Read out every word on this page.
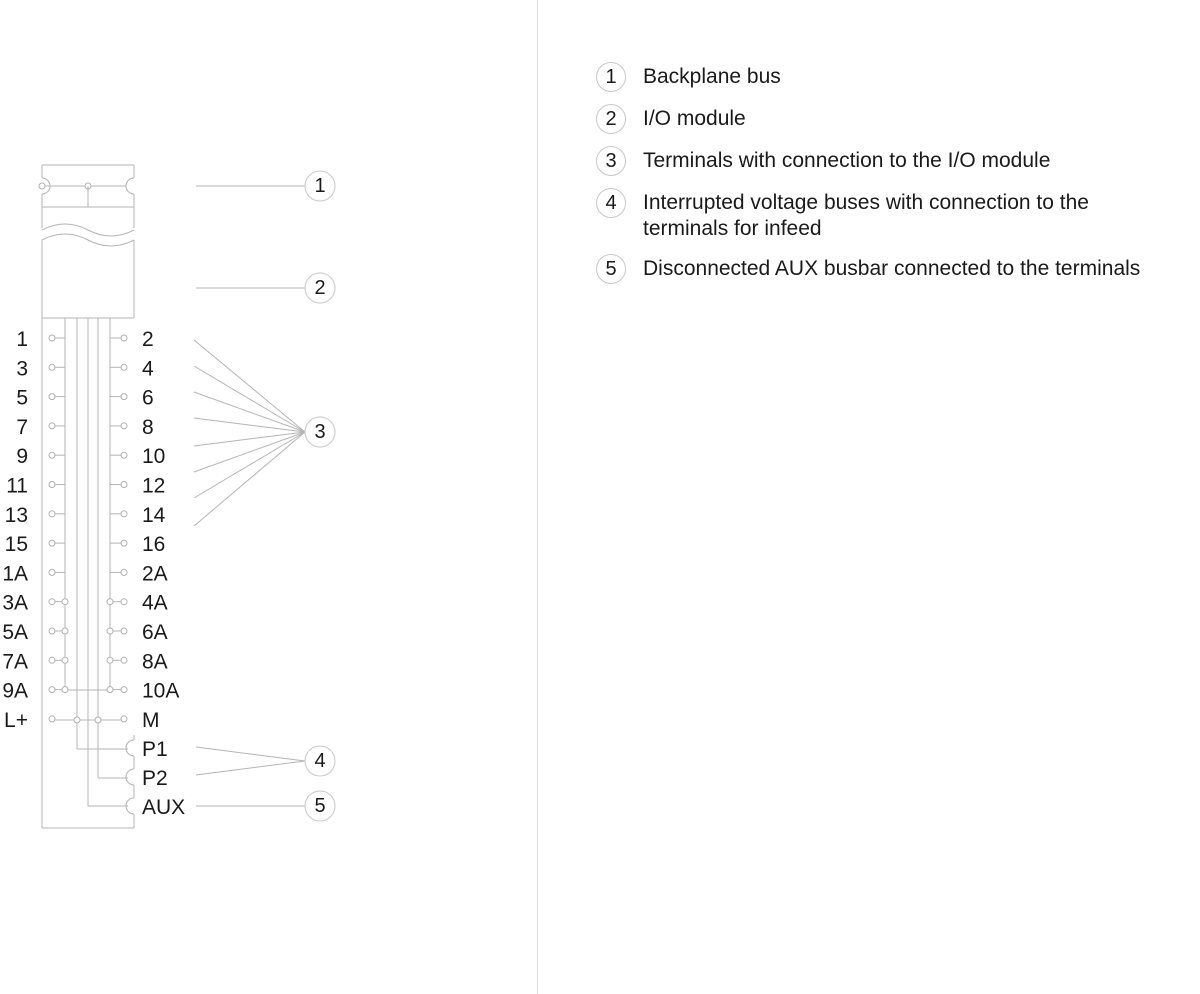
1	2
3	4
5	6
7	8
9	10
11	12
13	14
15	16
1A	2A
3A	4A
5A	6A
7A	8A
9A	10A
L+	M
1
2
3
4
5
P1
P2
AUX
1	Backplane bus
2	I/O module
3	Terminals with connection to the I/O module
4	Interrupted voltage buses with connection to the
terminals for infeed
5	Disconnected AUX busbar connected to the terminals
